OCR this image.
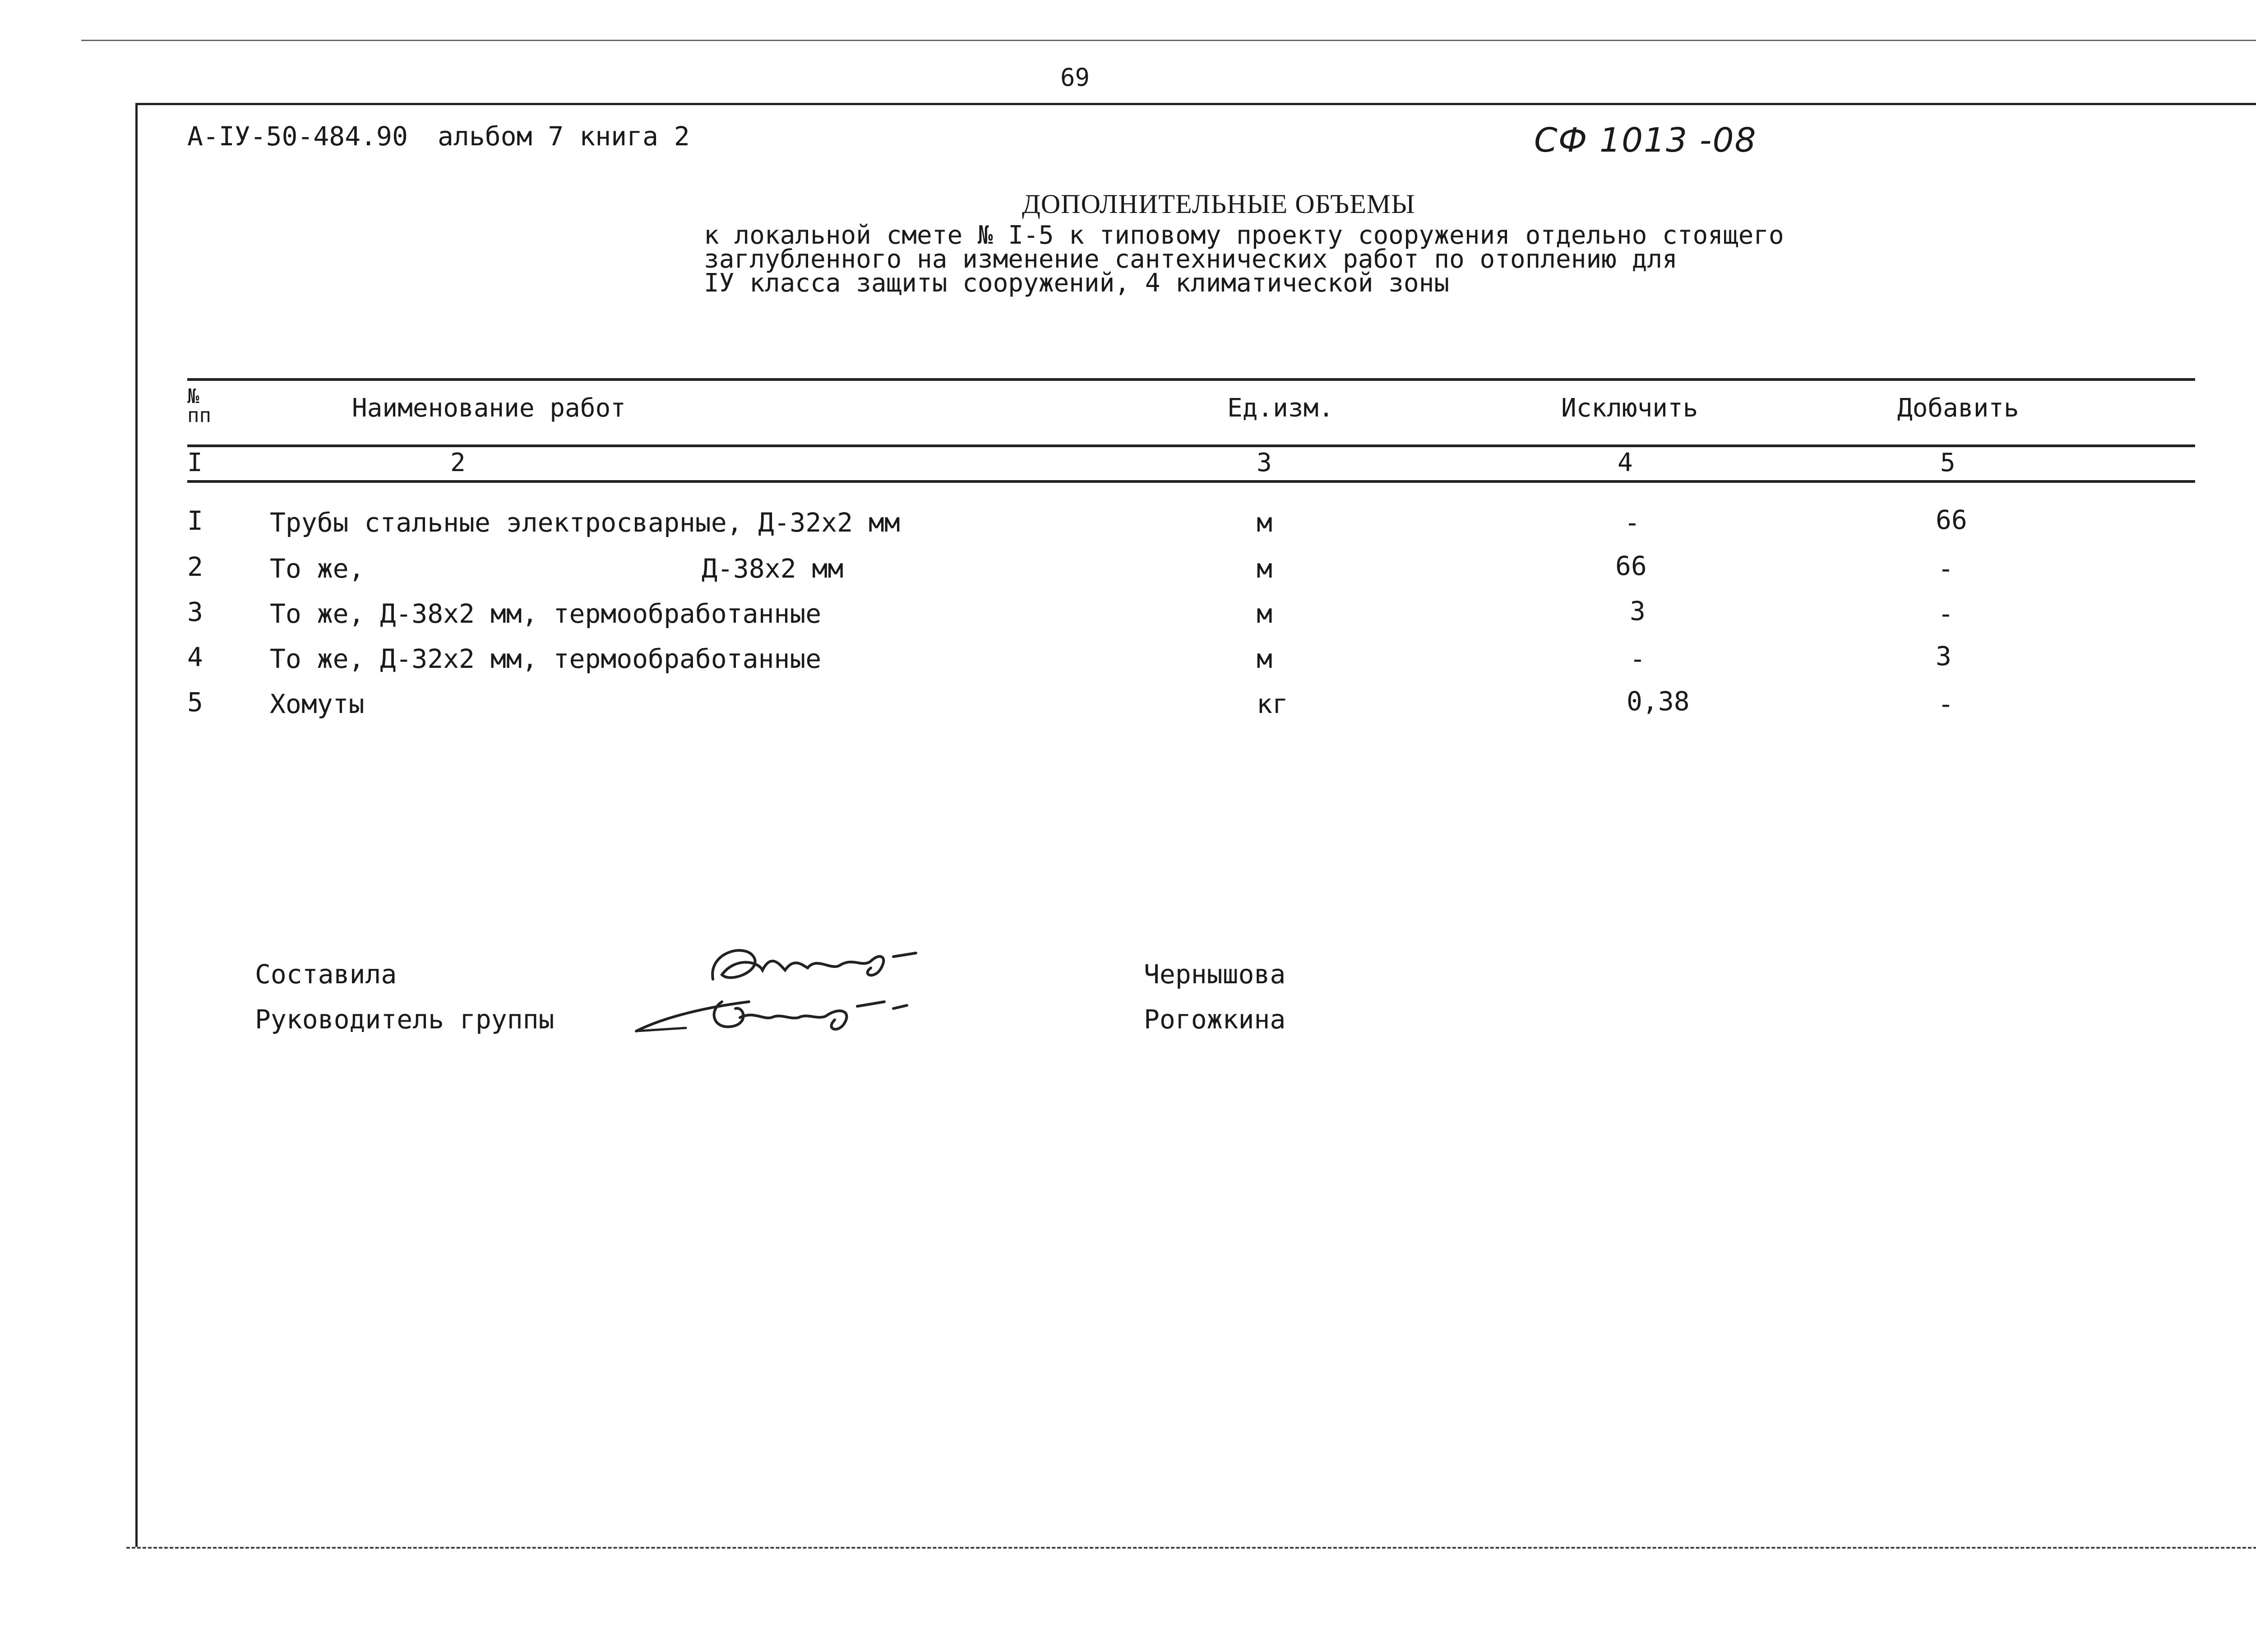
69
А-IУ-50-484.90 альбом 7 книга 2	СФ 1013 -08
ДОПОЛНИТЕЛЬНЫЕ ОБЪЕМЫ
к локальной смете № I-5 к типовому проекту сооружения отдельно стоящего
заглубленного на изменение сантехнических работ по отоплению для
IУ класса защиты сооружений, 4 климатической зоны
№
пп	Наименование работ	Ед.изм.	Исключить	Добавить
I	2	3	4	5
I	Трубы стальные электросварные, Д-32х2 мм	м	-	66
2	То же,	Д-38х2 мм	м	66	-
3	То же, Д-38х2 мм, термообработанные	м	3	-
4	То же, Д-32х2 мм, термообработанные	м	-	3
5	Хомуты	кг	0,38	-
Составила
Руководитель группы
Чернышова
Рогожкина
